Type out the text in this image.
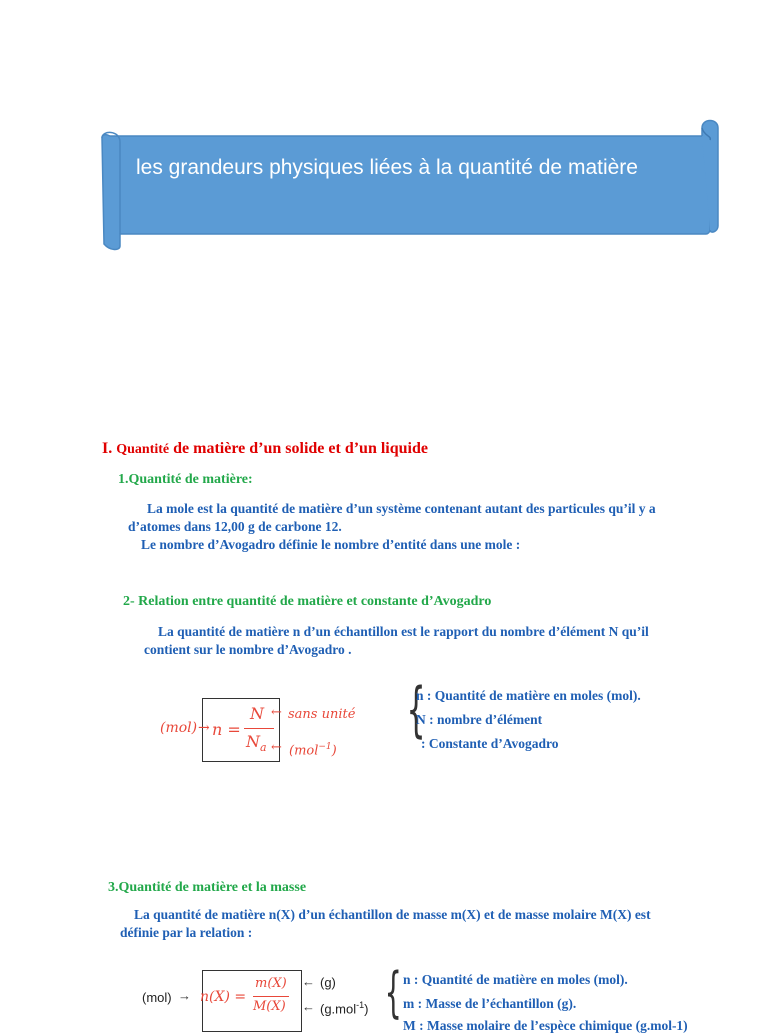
les grandeurs physiques liées à la quantité de matière
I. Quantité de matière d’un solide et d’un liquide
1.Quantité de matière:
La mole est la quantité de matière d’un système contenant autant des particules qu’il y a
d’atomes dans 12,00 g de carbone 12.
Le nombre d’Avogadro définie le nombre d’entité dans une mole :
2- Relation entre quantité de matière et constante d’Avogadro
La quantité de matière n d’un échantillon est le rapport du nombre d’élément N qu’il
contient sur le nombre d’Avogadro .
(mol) → n =
N
$N_a$
← sans unité
← (mol$^{-1}$)
{
n : Quantité de matière en moles (mol).
N : nombre d’élément
: Constante d’Avogadro
3.Quantité de matière et la masse
La quantité de matière n(X) d’un échantillon de masse m(X) et de masse molaire M(X) est
définie par la relation :
(mol) → n(X) =
m(X)
M(X)
← (g)
← (g.mol$^{-1}$) { n : Quantité de matière en moles (mol).
m : Masse de l’échantillon (g).
M : Masse molaire de l’espèce chimique (g.mol-1)
